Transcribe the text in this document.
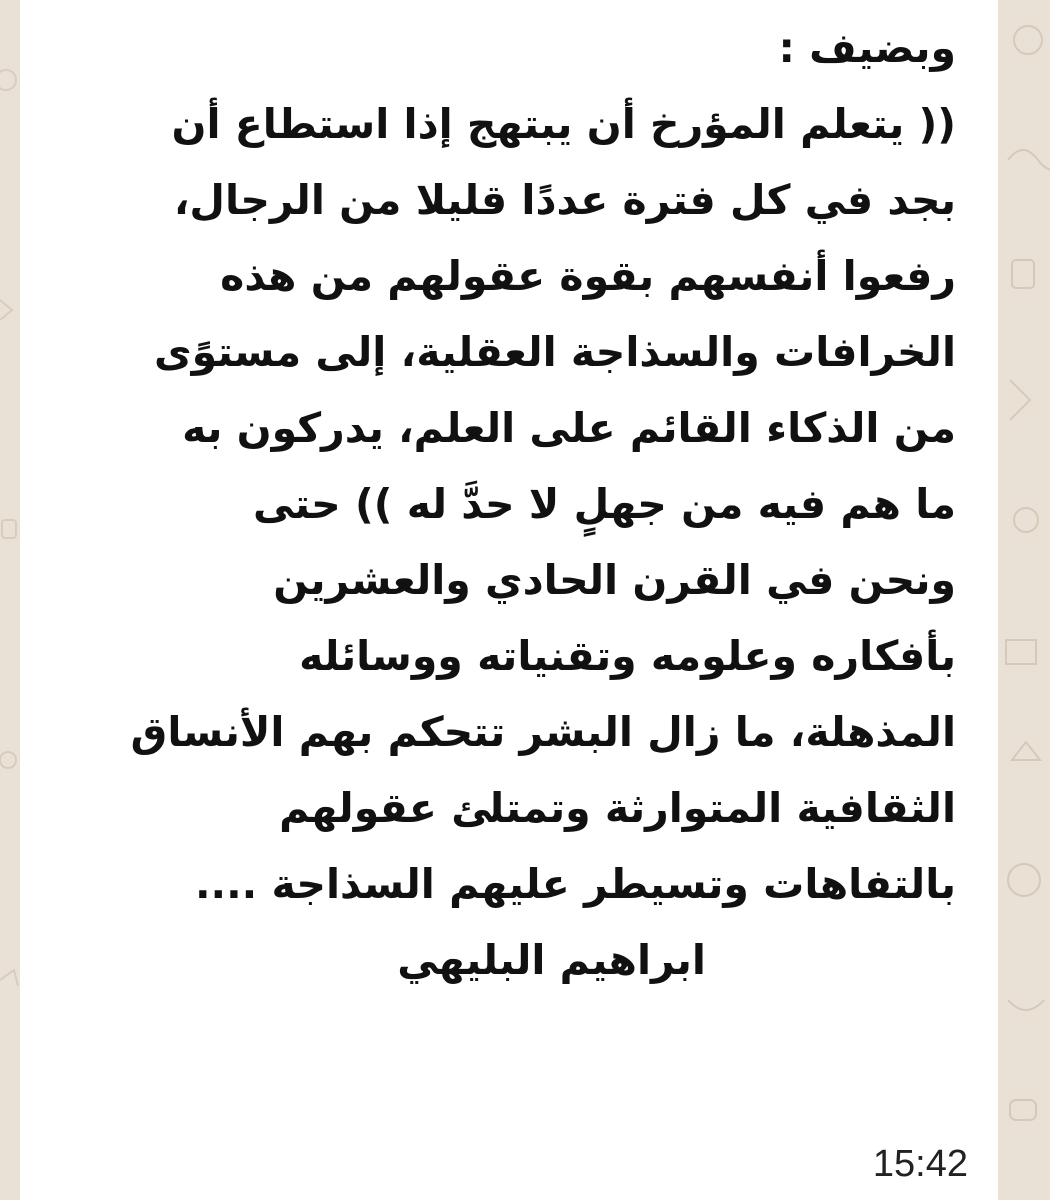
وبضيف :
(( يتعلم المؤرخ أن يبتهج إذا استطاع أن
بجد في كل فترة عددًا قليلا من الرجال،
رفعوا أنفسهم بقوة عقولهم من هذه
الخرافات والسذاجة العقلية، إلى مستوًى
من الذكاء القائم على العلم، يدركون به
ما هم فيه من جهلٍ لا حدَّ له )) حتى
ونحن في القرن الحادي والعشرين
بأفكاره وعلومه وتقنياته ووسائله
المذهلة، ما زال البشر تتحكم بهم الأنساق
الثقافية المتوارثة وتمتلئ عقولهم
بالتفاهات وتسيطر عليهم السذاجة ....

ابراهيم البليهي

15:42
